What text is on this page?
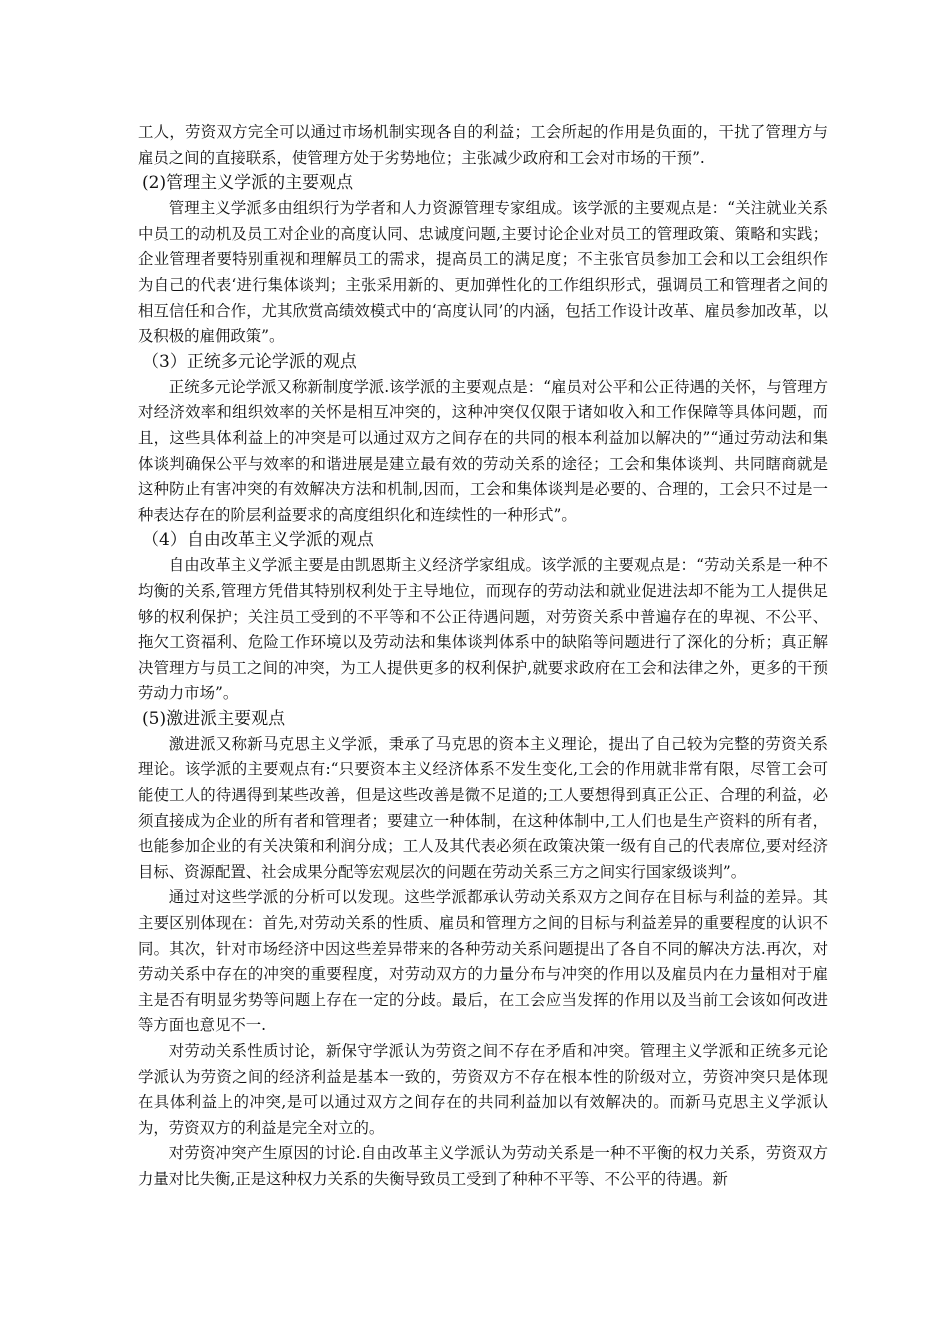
工人，劳资双方完全可以通过市场机制实现各自的利益；工会所起的作用是负面的，干扰了管理方与雇员之间的直接联系，使管理方处于劣势地位；主张减少政府和工会对市场的干预”.

(2)管理主义学派的主要观点

管理主义学派多由组织行为学者和人力资源管理专家组成。该学派的主要观点是：“关注就业关系中员工的动机及员工对企业的高度认同、忠诚度问题,主要讨论企业对员工的管理政策、策略和实践；企业管理者要特别重视和理解员工的需求，提高员工的满足度；不主张官员参加工会和以工会组织作为自己的代表‘进行集体谈判；主张采用新的、更加弹性化的工作组织形式，强调员工和管理者之间的相互信任和合作，尤其欣赏高绩效模式中的‘高度认同’的内涵，包括工作设计改革、雇员参加改革，以及积极的雇佣政策”。

（3）正统多元论学派的观点

正统多元论学派又称新制度学派.该学派的主要观点是：“雇员对公平和公正待遇的关怀，与管理方对经济效率和组织效率的关怀是相互冲突的，这种冲突仅仅限于诸如收入和工作保障等具体问题，而且，这些具体利益上的冲突是可以通过双方之间存在的共同的根本利益加以解决的”“通过劳动法和集体谈判确保公平与效率的和谐进展是建立最有效的劳动关系的途径；工会和集体谈判、共同瞎商就是这种防止有害冲突的有效解决方法和机制,因而，工会和集体谈判是必要的、合理的，工会只不过是一种表达存在的阶层利益要求的高度组织化和连续性的一种形式”。

（4）自由改革主义学派的观点

自由改革主义学派主要是由凯恩斯主义经济学家组成。该学派的主要观点是：“劳动关系是一种不均衡的关系,管理方凭借其特别权利处于主导地位，而现存的劳动法和就业促进法却不能为工人提供足够的权利保护；关注员工受到的不平等和不公正待遇问题，对劳资关系中普遍存在的卑视、不公平、拖欠工资福利、危险工作环境以及劳动法和集体谈判体系中的缺陷等问题进行了深化的分析；真正解决管理方与员工之间的冲突，为工人提供更多的权利保护,就要求政府在工会和法律之外，更多的干预劳动力市场”。

(5)激进派主要观点

激进派又称新马克思主义学派，秉承了马克思的资本主义理论，提出了自己较为完整的劳资关系理论。该学派的主要观点有:“只要资本主义经济体系不发生变化,工会的作用就非常有限，尽管工会可能使工人的待遇得到某些改善，但是这些改善是微不足道的;工人要想得到真正公正、合理的利益，必须直接成为企业的所有者和管理者；要建立一种体制，在这种体制中,工人们也是生产资料的所有者，也能参加企业的有关决策和利润分成；工人及其代表必须在政策决策一级有自己的代表席位,要对经济目标、资源配置、社会成果分配等宏观层次的问题在劳动关系三方之间实行国家级谈判”。

通过对这些学派的分析可以发现。这些学派都承认劳动关系双方之间存在目标与利益的差异。其主要区别体现在：首先,对劳动关系的性质、雇员和管理方之间的目标与利益差异的重要程度的认识不同。其次，针对市场经济中因这些差异带来的各种劳动关系问题提出了各自不同的解决方法.再次，对劳动关系中存在的冲突的重要程度，对劳动双方的力量分布与冲突的作用以及雇员内在力量相对于雇主是否有明显劣势等问题上存在一定的分歧。最后，在工会应当发挥的作用以及当前工会该如何改进等方面也意见不一.

对劳动关系性质讨论，新保守学派认为劳资之间不存在矛盾和冲突。管理主义学派和正统多元论学派认为劳资之间的经济利益是基本一致的，劳资双方不存在根本性的阶级对立，劳资冲突只是体现在具体利益上的冲突,是可以通过双方之间存在的共同利益加以有效解决的。而新马克思主义学派认为，劳资双方的利益是完全对立的。

对劳资冲突产生原因的讨论.自由改革主义学派认为劳动关系是一种不平衡的权力关系，劳资双方力量对比失衡,正是这种权力关系的失衡导致员工受到了种种不平等、不公平的待遇。新
